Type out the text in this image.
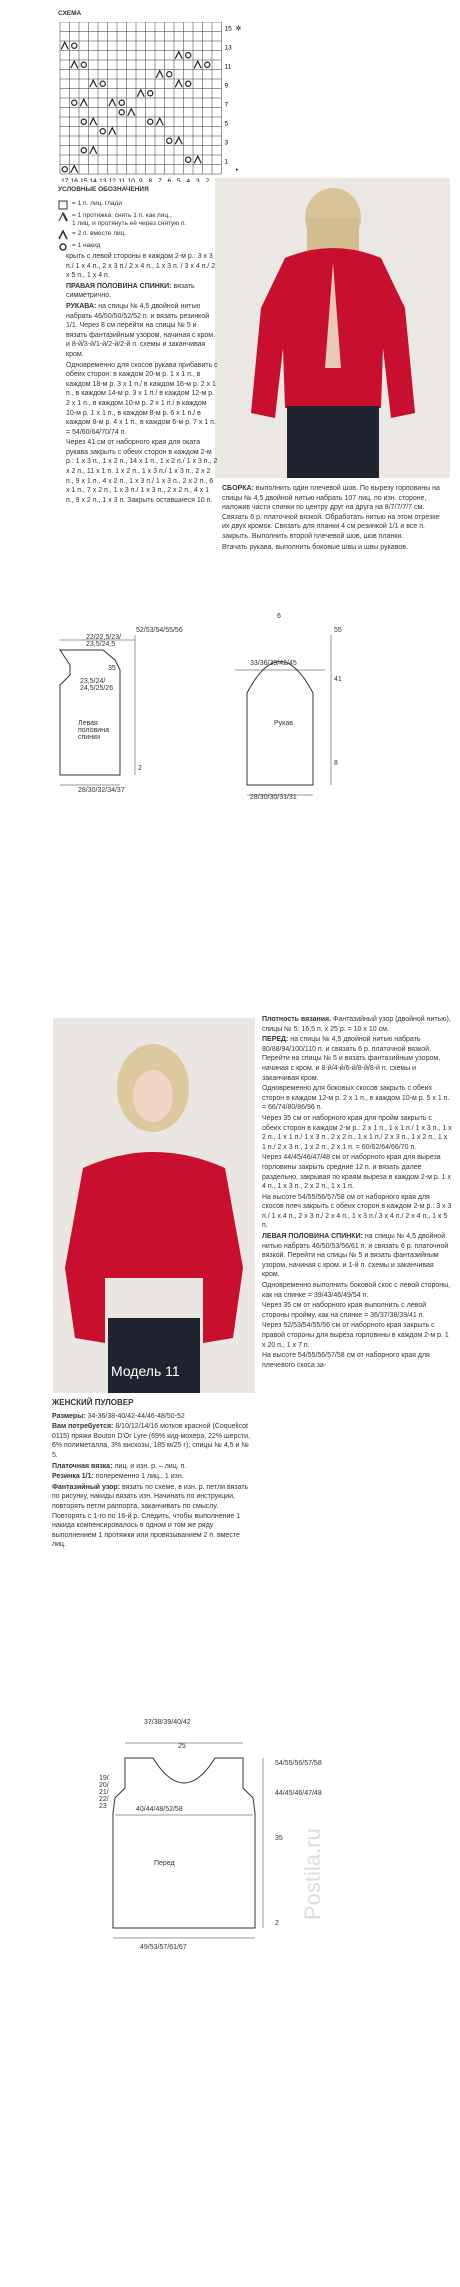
СХЕМА
17 16 15 14 13 12 11 10 9 8 7 6 5 4 3 2
15
13
11
9
7
5
3
1
✲
•
УСЛОВНЫЕ ОБОЗНАЧЕНИЯ
= 1 п. лиц. глади
= 1 протяжка: снять 1 п. как лиц.,
1 лиц. и протянуть её через снятую п.
= 2 п. вместе лиц.
= 1 накид

крыть с левой стороны в каждом 2-м р.: 3 х 3 п./ 1 х 4 п., 2 х 3 п./ 2 х 4 п., 1 х 3 п. / 3 х 4 п./ 2 х 5 п., 1 х 4 п.

ПРАВАЯ ПОЛОВИНА СПИНКИ: вязать симметрично.

РУКАВА: на спицы № 4,5 двойной нитью набрать 46/50/50/52/52 п. и вязать резинкой 1/1. Через 8 см перейти на спицы № 5 и вязать фантазийным узором, начиная с кром. и 8-й/3-й/1-й/2-й/2-й п. схемы и заканчивая кром.

Одновременно для скосов рукава прибавить с обеих сторон: в каждом 20-м р. 1 х 1 п., в каждом 18-м р. 3 х 1 п./ в каждом 16-м р. 2 х 1 п., в каждом 14-м р. 3 х 1 п./ в каждом 12-м р. 2 х 1 п., в каждом 10-м р. 2 х 1 п./ в каждом 10-м р. 1 х 1 п., в каждом 8-м р. 6 х 1 п./ в каждом 8-м р. 4 х 1 п., в каждом 6-м р. 7 х 1 п. = 54/60/64/70/74 п.

Через 41 см от наборного края для оката рукава закрыть с обеих сторон в каждом 2-м р.: 1 х 3 п., 1 х 2 п., 14 х 1 п., 1 х 2 п./ 1 х 3 п., 2 х 2 п., 11 х 1 п. 1 х 2 п., 1 х 3 п./ 1 х 3 п., 2 х 2 п., 9 х 1 п., 4 х 2 п., 1 х 3 п./ 1 х 3 п., 2 х 2 п., 6 х 1 п., 7 х 2 п., 1 х 3 п./ 1 х 3 п., 2 х 2 п., 4 х 1 п., 9 х 2 п., 1 х 3 п. Закрыть оставшиеся 10 п.

СБОРКА: выполнить один плечевой шов. По вырезу горловины на спицы № 4,5 двойной нитью набрать 107 лиц. по изн. стороне, наложив части спинки по центру друг на друга на 8/7/7/7/7 см. Связать 6 р. платочной вязкой. Обработать нитью на этом отрезке их двух кромок. Связать для планки 4 см резинкой 1/1 и все п. закрыть. Выполнить второй плечевой шов, шов планки.

Втачать рукава, выполнить боковые швы и швы рукавов.

22/22,5/23/
23,5/24,5
52/53/54/55/56
35
23,5/24/
24,5/25/26
Левая
половина
спинки
2
28/30/32/34/37
6
33/36/39/42/45
55
41
Рукав
8
28/30/30/31/31
Модель 11

Плотность вязания. Фантазийный узор (двойной нитью), спицы № 5: 16,5 п. x 25 р. = 10 x 10 см.

ПЕРЕД: на спицы № 4,5 двойной нитью набрать 80/88/94/100/110 п. и связать 6 р. платочной вязкой. Перейти на спицы № 5 и вязать фантазийным узором, начиная с кром. и 8-й/4-й/6-й/8-й/8-й п. схемы и заканчивая кром.

Одновременно для боковых скосов закрыть с обеих сторон в каждом 12-м р. 2 х 1 п., в каждом 10-м р. 5 х 1 п. = 66/74/80/86/96 п.

Через 35 см от наборного края для пройм закрыть с обеих сторон в каждом 2-м р.: 2 х 1 п., 1 х 1 п./ 1 х 3 п., 1 х 2 п., 1 х 1 п./ 1 х 3 п., 2 х 2 п., 1 х 1 п./ 2 х 3 п., 1 х 2 п., 1 х 1 п./ 2 х 3 п., 1 х 2 п., 2 х 1 п. = 60/62/64/66/70 п.

Через 44/45/46/47/48 см от наборного края для выреза горловины закрыть средние 12 п. и вязать далее раздельно, закрывая по краям выреза в каждом 2-м р. 1 х 4 п., 1 х 3 п., 2 х 2 п., 1 х 1 п.

На высоте 54/55/56/57/58 см от наборного края для скосов плеч закрыть с обеих сторон в каждом 2-м р.: 3 х 3 п./ 1 х 4 п., 2 х 3 п./ 2 х 4 п., 1 х 3 п./ 3 х 4 п./ 2 х 4 п., 1 х 5 п.

ЛЕВАЯ ПОЛОВИНА СПИНКИ: на спицы № 4,5 двойной нитью набрать 46/50/53/56/61 п. и связать 6 р. платочной вязкой. Перейти на спицы № 5 и вязать фантазийным узором, начиная с кром. и 1-й п. схемы и заканчивая кром.

Одновременно выполнить боковой скос с левой стороны, как на спинке = 39/43/46/49/54 п.

Через 35 см от наборного края выполнить с левой стороны пройму, как на спинке = 36/37/38/39/41 п.

Через 52/53/54/55/56 см от наборного края закрыть с правой стороны для выреза горловины в каждом 2-м р. 1 х 20 п., 1 х 7 п.

На высоте 54/55/56/57/58 см от наборного края для плечевого скоса за-

ЖЕНСКИЙ ПУЛОВЕР

Размеры: 34-36/38-40/42-44/46-48/50-52

Вам потребуется: 8/10/12/14/16 мотков красной (Coquelicot 0115) пряжи Bouton D'Or Lyre (69% кид-мохера, 22% шерсти, 6% полиметалла, 3% вискозы, 185 м/25 г); спицы № 4,5 и № 5.

Платочная вязка: лиц. и изн. р. – лиц. п.

Резинка 1/1: попеременно 1 лиц., 1 изн.

Фантазийный узор: вязать по схеме, в изн. р. петли вязать по рисунку, накиды вязать изн. Начинать по инструкции, повторять петли раппорта, заканчивать по смыслу. Повторять с 1-го по 16-й р. Следить, чтобы выполнение 1 накида компенсировалось в одном и том же ряду выполнением 1 протяжки или провязыванием 2 п. вместе лиц.

37/38/39/40/42
25
19/
20/
21/
22/
23	40/44/48/52/58
54/55/56/57/58
44/45/46/47/48
35
Перед
2
49/53/57/61/67
Postila.ru
